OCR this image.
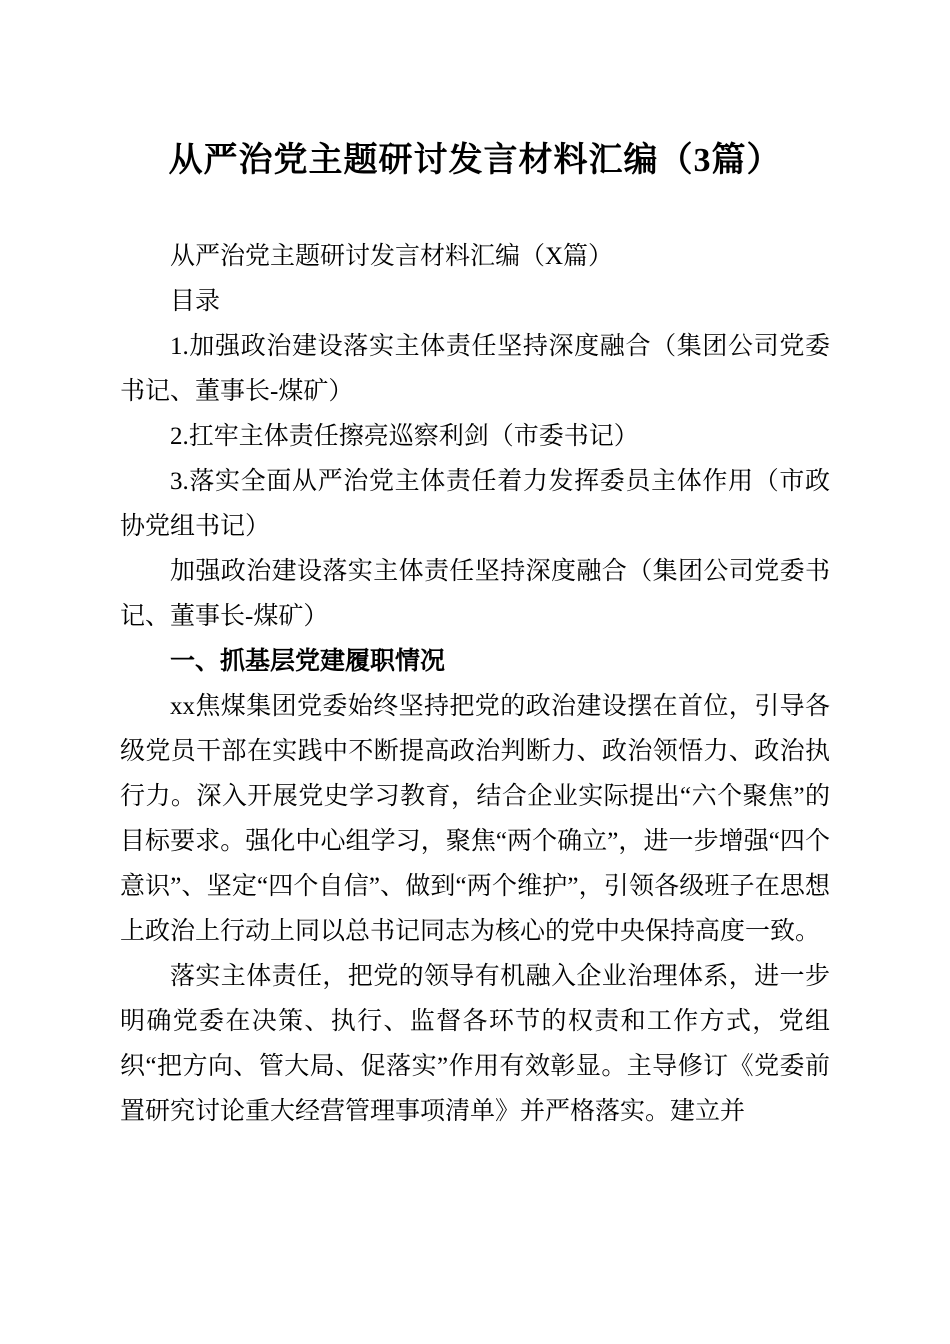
从严治党主题研讨发言材料汇编（3篇）

从严治党主题研讨发言材料汇编（X篇）

目录

1.加强政治建设落实主体责任坚持深度融合（集团公司党委书记、董事长-煤矿）

2.扛牢主体责任擦亮巡察利剑（市委书记）

3.落实全面从严治党主体责任着力发挥委员主体作用（市政协党组书记）

加强政治建设落实主体责任坚持深度融合（集团公司党委书记、董事长-煤矿）

一、抓基层党建履职情况

xx焦煤集团党委始终坚持把党的政治建设摆在首位，引导各级党员干部在实践中不断提高政治判断力、政治领悟力、政治执行力。深入开展党史学习教育，结合企业实际提出“六个聚焦”的目标要求。强化中心组学习，聚焦“两个确立”，进一步增强“四个意识”、坚定“四个自信”、做到“两个维护”，引领各级班子在思想上政治上行动上同以总书记同志为核心的党中央保持高度一致。

落实主体责任，把党的领导有机融入企业治理体系，进一步明确党委在决策、执行、监督各环节的权责和工作方式，党组织“把方向、管大局、促落实”作用有效彰显。主导修订《党委前置研究讨论重大经营管理事项清单》并严格落实。建立并
